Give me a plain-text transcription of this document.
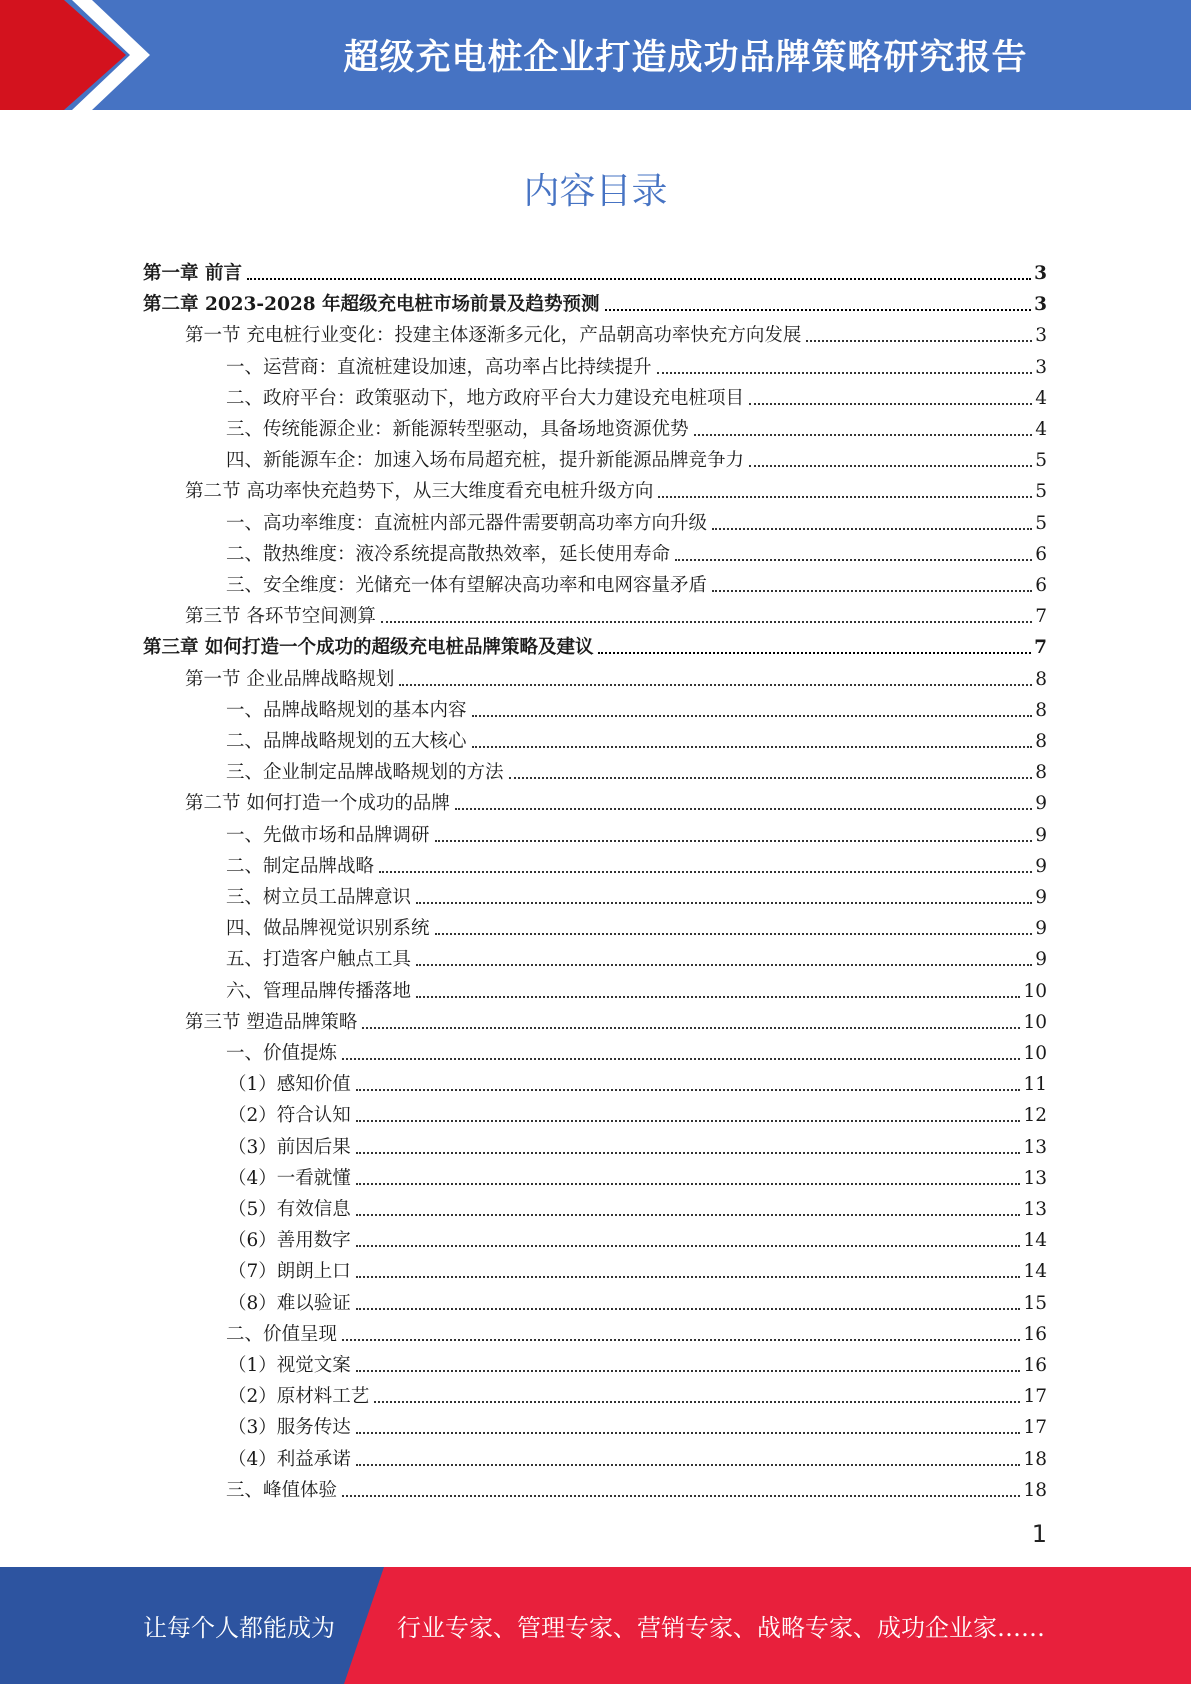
超级充电桩企业打造成功品牌策略研究报告
内容目录
第一章 前言	3
第二章 2023-2028 年超级充电桩市场前景及趋势预测	3
第一节 充电桩行业变化：投建主体逐渐多元化，产品朝高功率快充方向发展	3
一、运营商：直流桩建设加速，高功率占比持续提升	3
二、政府平台：政策驱动下，地方政府平台大力建设充电桩项目	4
三、传统能源企业：新能源转型驱动，具备场地资源优势	4
四、新能源车企：加速入场布局超充桩，提升新能源品牌竞争力	5
第二节 高功率快充趋势下，从三大维度看充电桩升级方向	5
一、高功率维度：直流桩内部元器件需要朝高功率方向升级	5
二、散热维度：液冷系统提高散热效率，延长使用寿命	6
三、安全维度：光储充一体有望解决高功率和电网容量矛盾	6
第三节 各环节空间测算	7
第三章 如何打造一个成功的超级充电桩品牌策略及建议	7
第一节 企业品牌战略规划	8
一、品牌战略规划的基本内容	8
二、品牌战略规划的五大核心	8
三、企业制定品牌战略规划的方法	8
第二节 如何打造一个成功的品牌	9
一、先做市场和品牌调研	9
二、制定品牌战略	9
三、树立员工品牌意识	9
四、做品牌视觉识别系统	9
五、打造客户触点工具	9
六、管理品牌传播落地	10
第三节 塑造品牌策略	10
一、价值提炼	10
（1）感知价值	11
（2）符合认知	12
（3）前因后果	13
（4）一看就懂	13
（5）有效信息	13
（6）善用数字	14
（7）朗朗上口	14
（8）难以验证	15
二、价值呈现	16
（1）视觉文案	16
（2）原材料工艺	17
（3）服务传达	17
（4）利益承诺	18
三、峰值体验	18
1
让每个人都能成为	行业专家、管理专家、营销专家、战略专家、成功企业家……
